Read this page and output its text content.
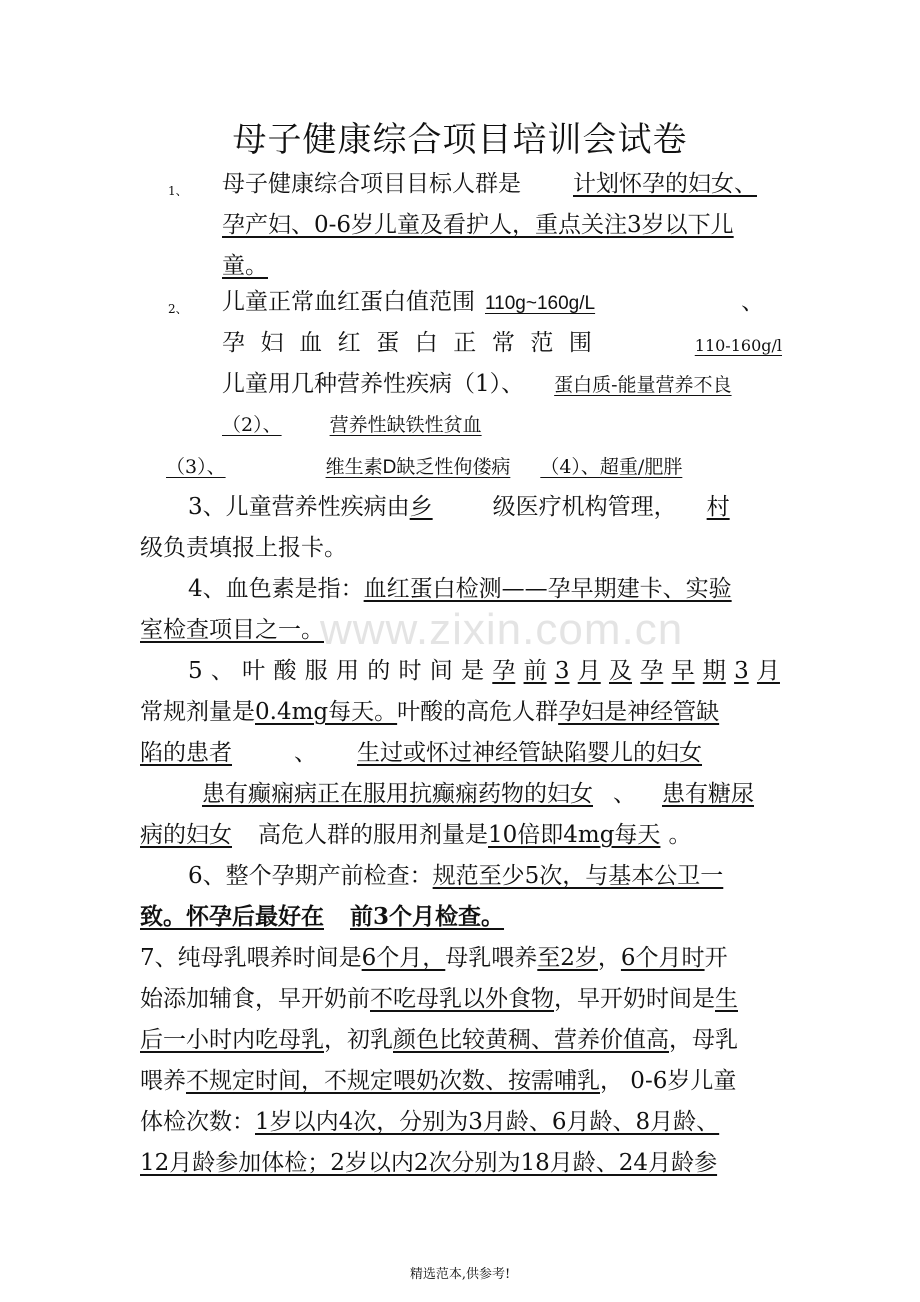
www.zixin.com.cn
母子健康综合项目培训会试卷
1、 母子健康综合项目目标人群是 计划怀孕的妇女、
孕产妇、0-6岁儿童及看护人，重点关注3岁以下儿
童。
2、 儿童正常血红蛋白值范围 110g~160g/L	、
孕 妇 血 红 蛋 白 正 常 范 围	110-160g/l
儿童用几种营养性疾病（1）、 蛋白质-能量营养不良
（2）、	营养性缺铁性贫血
（3）、	维生素D缺乏性佝偻病 （4）、超重/肥胖
3、儿童营养性疾病由乡	级医疗机构管理， 村
级负责填报上报卡。
4、血色素是指：血红蛋白检测——孕早期建卡、实验
室检查项目之一。
5 、 叶 酸 服 用 的 时 间 是 孕 前 3 月 及 孕 早 期 3 月
常规剂量是0.4mg每天。叶酸的高危人群孕妇是神经管缺
陷的患者	、 生过或怀过神经管缺陷婴儿的妇女
患有癫痫病正在服用抗癫痫药物的妇女 、 患有糖尿
病的妇女 高危人群的服用剂量是10倍即4mg每天 。
6、整个孕期产前检查：规范至少5次，与基本公卫一
致。怀孕后最好在 前3个月检查。
7、纯母乳喂养时间是6个月，母乳喂养至2岁，6个月时开
始添加辅食，早开奶前不吃母乳以外食物，早开奶时间是生
后一小时内吃母乳，初乳颜色比较黄稠、营养价值高，母乳
喂养不规定时间，不规定喂奶次数、按需哺乳， 0-6岁儿童
体检次数：1岁以内4次，分别为3月龄、6月龄、8月龄、
12月龄参加体检；2岁以内2次分别为18月龄、24月龄参
精选范本,供参考!
